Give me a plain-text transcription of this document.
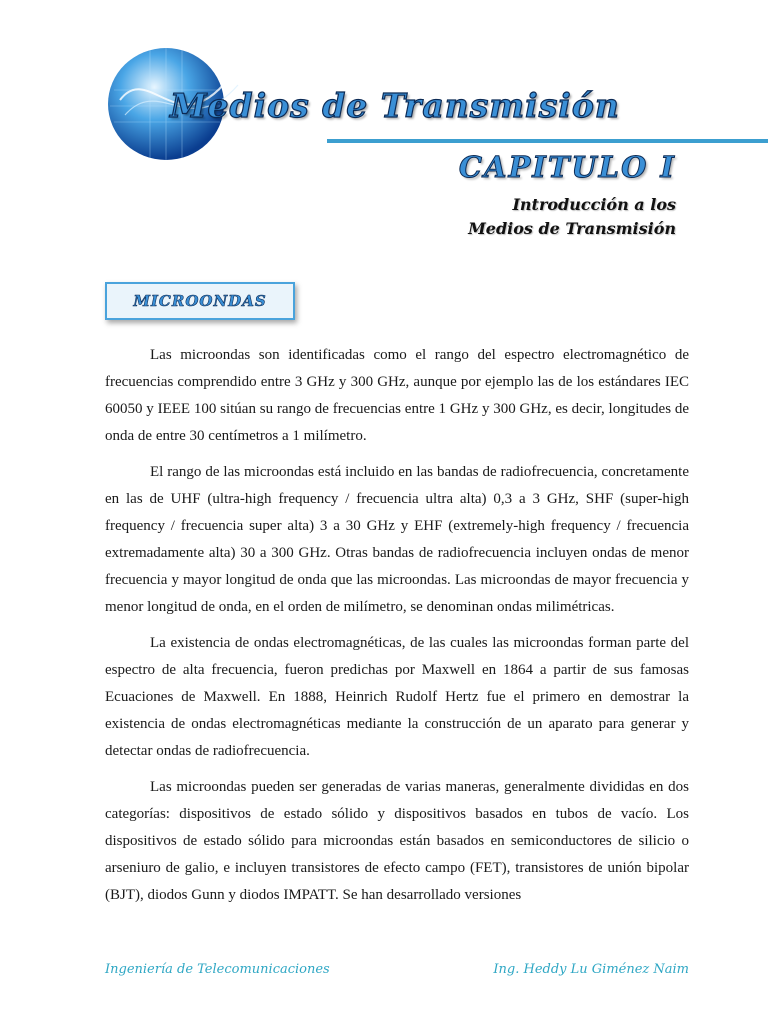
Medios de Transmisión
CAPITULO I
Introducción a los
Medios de Transmisión
MICROONDAS

Las microondas son identificadas como el rango del espectro electromagnético de frecuencias comprendido entre 3 GHz y 300 GHz, aunque por ejemplo las de los estándares IEC 60050 y IEEE 100 sitúan su rango de frecuencias entre 1 GHz y 300 GHz, es decir, longitudes de onda de entre 30 centímetros a 1 milímetro.

El rango de las microondas está incluido en las bandas de radiofrecuencia, concretamente en las de UHF (ultra-high frequency / frecuencia ultra alta) 0,3 a 3 GHz, SHF (super-high frequency / frecuencia super alta) 3 a 30 GHz y EHF (extremely-high frequency / frecuencia extremadamente alta) 30 a 300 GHz. Otras bandas de radiofrecuencia incluyen ondas de menor frecuencia y mayor longitud de onda que las microondas. Las microondas de mayor frecuencia y menor longitud de onda, en el orden de milímetro, se denominan ondas milimétricas.

La existencia de ondas electromagnéticas, de las cuales las microondas forman parte del espectro de alta frecuencia, fueron predichas por Maxwell en 1864 a partir de sus famosas Ecuaciones de Maxwell. En 1888, Heinrich Rudolf Hertz fue el primero en demostrar la existencia de ondas electromagnéticas mediante la construcción de un aparato para generar y detectar ondas de radiofrecuencia.

Las microondas pueden ser generadas de varias maneras, generalmente divididas en dos categorías: dispositivos de estado sólido y dispositivos basados en tubos de vacío. Los dispositivos de estado sólido para microondas están basados en semiconductores de silicio o arseniuro de galio, e incluyen transistores de efecto campo (FET), transistores de unión bipolar (BJT), diodos Gunn y diodos IMPATT. Se han desarrollado versiones

Ingeniería de Telecomunicaciones	Ing. Heddy Lu Giménez Naim
